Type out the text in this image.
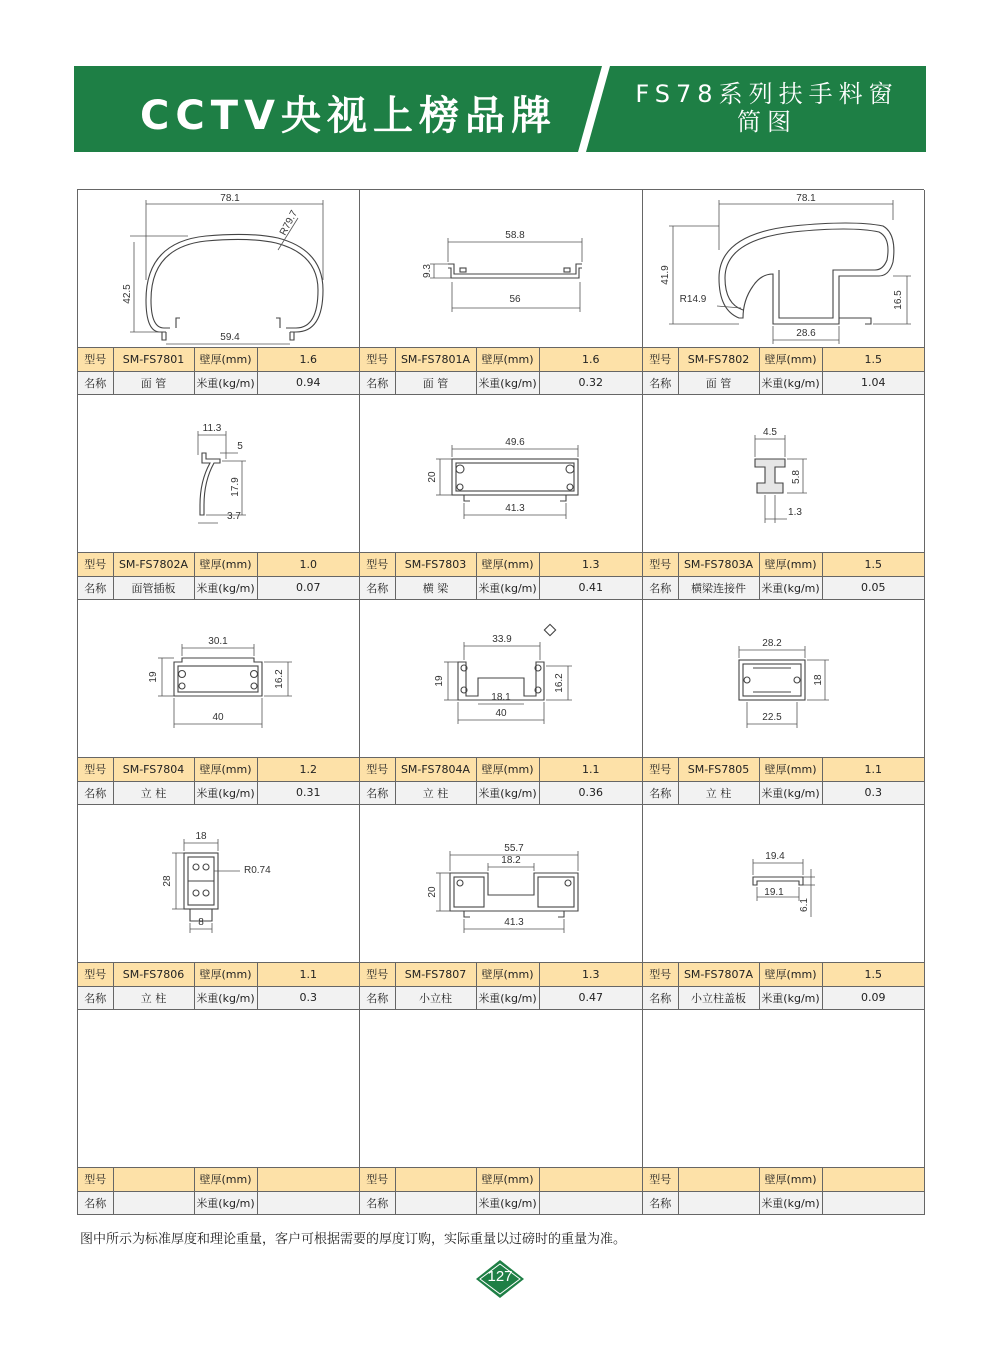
CCTV央视上榜品牌	FS78系列扶手料窗
简图
78.1
R79.7
42.5
59.4
型号	SM-FS7801	壁厚(mm)	1.6
名称	面 管	米重(kg/m)	0.94
58.8
9.3
56
型号	SM-FS7801A	壁厚(mm)	1.6
名称	面 管	米重(kg/m)	0.32
78.1
41.9
R14.9	16.5
28.6
型号	SM-FS7802	壁厚(mm)	1.5
名称	面 管	米重(kg/m)	1.04
11.3
5
17.9
3.7
型号	SM-FS7802A	壁厚(mm)	1.0
名称	面管插板	米重(kg/m)	0.07
49.6
20
41.3
型号	SM-FS7803	壁厚(mm)	1.3
名称	横 梁	米重(kg/m)	0.41
4.5
5.8
1.3
型号	SM-FS7803A	壁厚(mm)	1.5
名称	横梁连接件	米重(kg/m)	0.05
30.1
19	16.2
40
型号	SM-FS7804	壁厚(mm)	1.2
名称	立 柱	米重(kg/m)	0.31
33.9
19	16.2
18.1
40
型号	SM-FS7804A	壁厚(mm)	1.1
名称	立 柱	米重(kg/m)	0.36
28.2
18
22.5
型号	SM-FS7805	壁厚(mm)	1.1
名称	立 柱	米重(kg/m)	0.3
18
28
R0.74
8
型号	SM-FS7806	壁厚(mm)	1.1
名称	立 柱	米重(kg/m)	0.3
55.7
18.2
20
41.3
型号	SM-FS7807	壁厚(mm)	1.3
名称	小立柱	米重(kg/m)	0.47
19.4
19.1
6.1
型号	SM-FS7807A	壁厚(mm)	1.5
名称	小立柱盖板	米重(kg/m)	0.09
型号		壁厚(mm)	
名称		米重(kg/m)	
型号		壁厚(mm)	
名称		米重(kg/m)	
型号		壁厚(mm)	
名称		米重(kg/m)	
图中所示为标准厚度和理论重量，客户可根据需要的厚度订购，实际重量以过磅时的重量为准。
127
